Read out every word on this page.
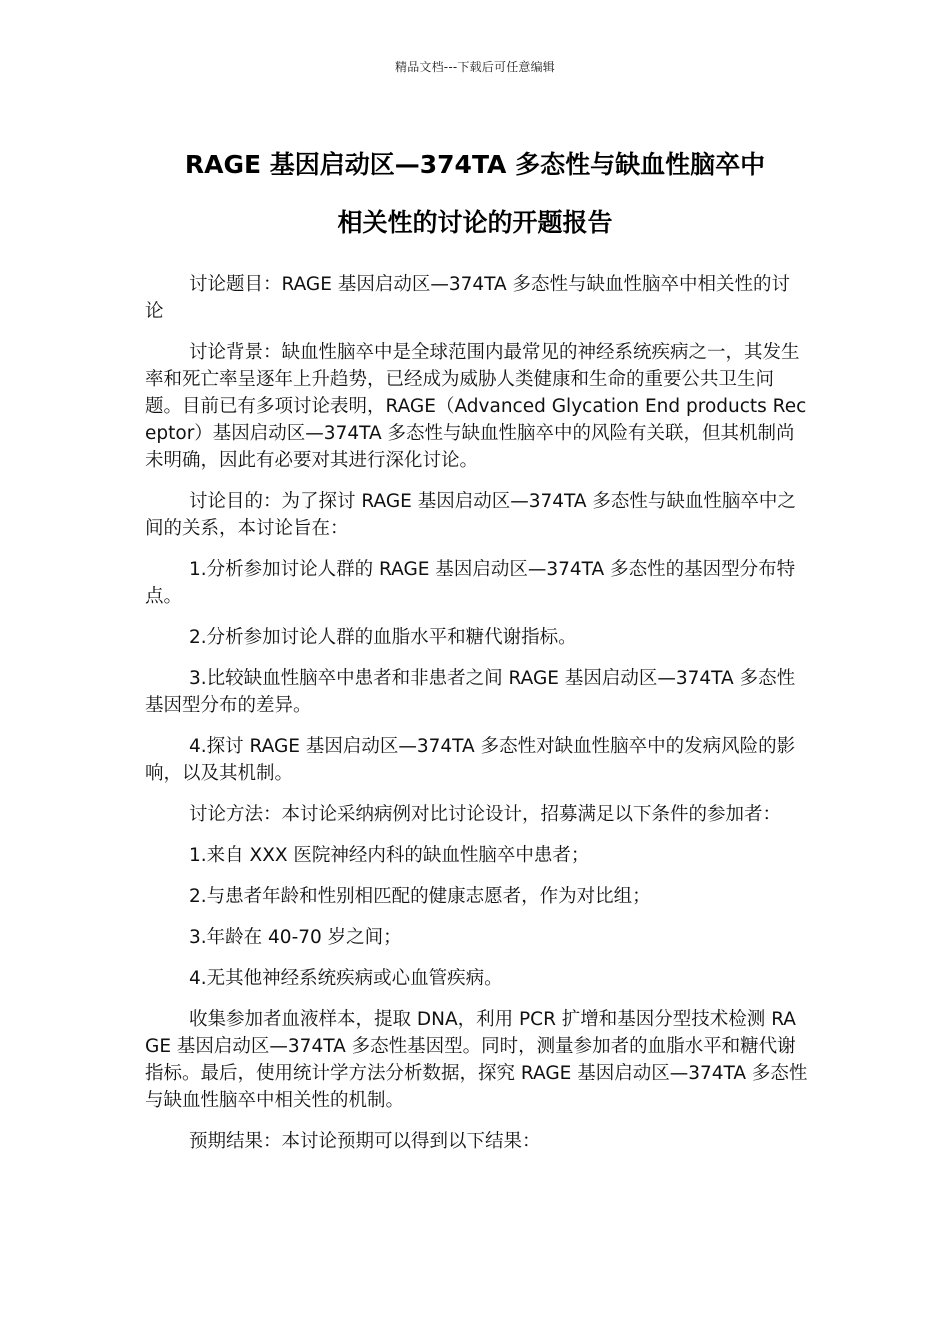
精品文档---下载后可任意编辑
RAGE 基因启动区—374TA 多态性与缺血性脑卒中
相关性的讨论的开题报告

讨论题目：RAGE 基因启动区—374TA 多态性与缺血性脑卒中相关性的讨论

讨论背景：缺血性脑卒中是全球范围内最常见的神经系统疾病之一，其发生率和死亡率呈逐年上升趋势，已经成为威胁人类健康和生命的重要公共卫生问题。目前已有多项讨论表明，RAGE（Advanced Glycation End products Receptor）基因启动区—374TA 多态性与缺血性脑卒中的风险有关联，但其机制尚未明确，因此有必要对其进行深化讨论。

讨论目的：为了探讨 RAGE 基因启动区—374TA 多态性与缺血性脑卒中之间的关系，本讨论旨在：

1.分析参加讨论人群的 RAGE 基因启动区—374TA 多态性的基因型分布特点。

2.分析参加讨论人群的血脂水平和糖代谢指标。

3.比较缺血性脑卒中患者和非患者之间 RAGE 基因启动区—374TA 多态性基因型分布的差异。

4.探讨 RAGE 基因启动区—374TA 多态性对缺血性脑卒中的发病风险的影响，以及其机制。

讨论方法：本讨论采纳病例对比讨论设计，招募满足以下条件的参加者：

1.来自 XXX 医院神经内科的缺血性脑卒中患者；

2.与患者年龄和性别相匹配的健康志愿者，作为对比组；

3.年龄在 40-70 岁之间；

4.无其他神经系统疾病或心血管疾病。

收集参加者血液样本，提取 DNA，利用 PCR 扩增和基因分型技术检测 RAGE 基因启动区—374TA 多态性基因型。同时，测量参加者的血脂水平和糖代谢指标。最后，使用统计学方法分析数据，探究 RAGE 基因启动区—374TA 多态性与缺血性脑卒中相关性的机制。

预期结果：本讨论预期可以得到以下结果：
